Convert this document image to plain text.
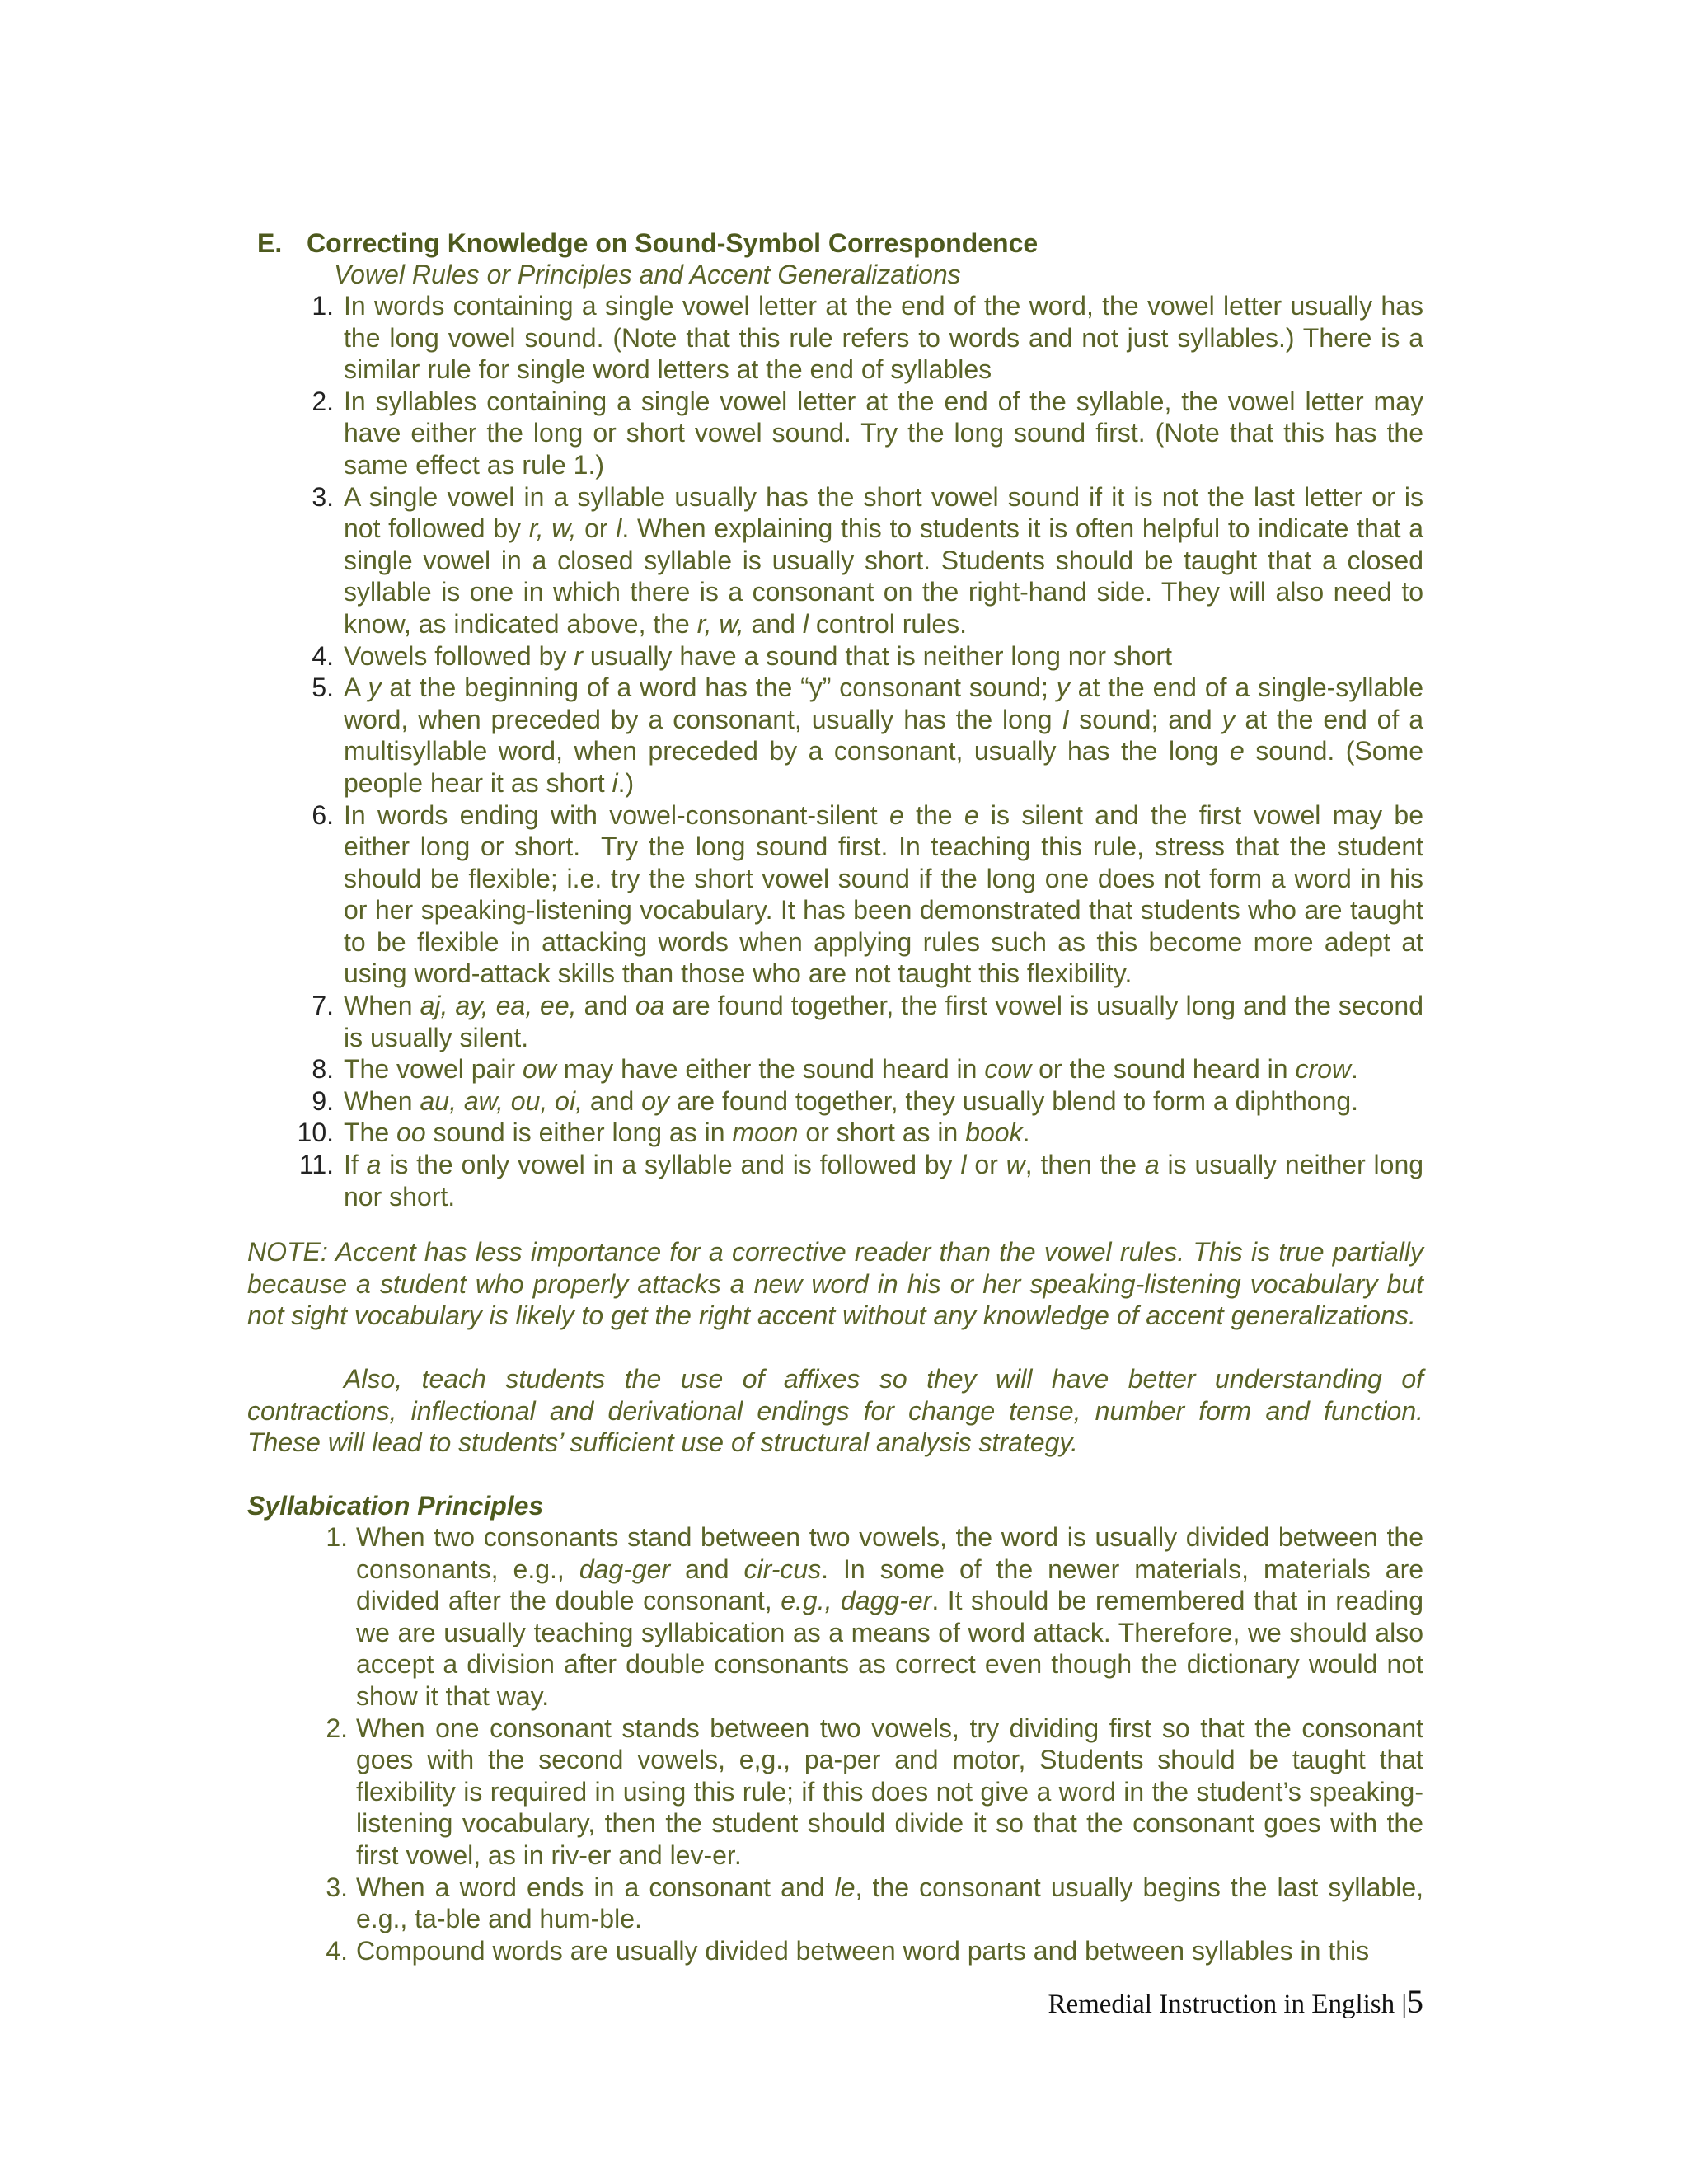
E. Correcting Knowledge on Sound-Symbol Correspondence
Vowel Rules or Principles and Accent Generalizations
1. In words containing a single vowel letter at the end of the word, the vowel letter usually has the long vowel sound. (Note that this rule refers to words and not just syllables.) There is a similar rule for single word letters at the end of syllables
2. In syllables containing a single vowel letter at the end of the syllable, the vowel letter may have either the long or short vowel sound. Try the long sound first. (Note that this has the same effect as rule 1.)
3. A single vowel in a syllable usually has the short vowel sound if it is not the last letter or is not followed by r, w, or l. When explaining this to students it is often helpful to indicate that a single vowel in a closed syllable is usually short. Students should be taught that a closed syllable is one in which there is a consonant on the right-hand side. They will also need to know, as indicated above, the r, w, and l control rules.
4. Vowels followed by r usually have a sound that is neither long nor short
5. A y at the beginning of a word has the “y” consonant sound; y at the end of a single-syllable word, when preceded by a consonant, usually has the long I sound; and y at the end of a multisyllable word, when preceded by a consonant, usually has the long e sound. (Some people hear it as short i.)
6. In words ending with vowel-consonant-silent e the e is silent and the first vowel may be either long or short.  Try the long sound first. In teaching this rule, stress that the student should be flexible; i.e. try the short vowel sound if the long one does not form a word in his or her speaking-listening vocabulary. It has been demonstrated that students who are taught to be flexible in attacking words when applying rules such as this become more adept at using word-attack skills than those who are not taught this flexibility.
7. When aj, ay, ea, ee, and oa are found together, the first vowel is usually long and the second is usually silent.
8. The vowel pair ow may have either the sound heard in cow or the sound heard in crow.
9. When au, aw, ou, oi, and oy are found together, they usually blend to form a diphthong.
10. The oo sound is either long as in moon or short as in book.
11. If a is the only vowel in a syllable and is followed by l or w, then the a is usually neither long nor short.

NOTE: Accent has less importance for a corrective reader than the vowel rules. This is true partially because a student who properly attacks a new word in his or her speaking-listening vocabulary but not sight vocabulary is likely to get the right accent without any knowledge of accent generalizations.

Also, teach students the use of affixes so they will have better understanding of contractions, inflectional and derivational endings for change tense, number form and function. These will lead to students’ sufficient use of structural analysis strategy.

Syllabication Principles
1. When two consonants stand between two vowels, the word is usually divided between the consonants, e.g., dag-ger and cir-cus. In some of the newer materials, materials are divided after the double consonant, e.g., dagg-er. It should be remembered that in reading we are usually teaching syllabication as a means of word attack. Therefore, we should also accept a division after double consonants as correct even though the dictionary would not show it that way.
2. When one consonant stands between two vowels, try dividing first so that the consonant goes with the second vowels, e,g., pa-per and motor, Students should be taught that flexibility is required in using this rule; if this does not give a word in the student’s speaking-listening vocabulary, then the student should divide it so that the consonant goes with the first vowel, as in riv-er and lev-er.
3. When a word ends in a consonant and le, the consonant usually begins the last syllable, e.g., ta-ble and hum-ble.
4. Compound words are usually divided between word parts and between syllables in this
Remedial Instruction in English |5
